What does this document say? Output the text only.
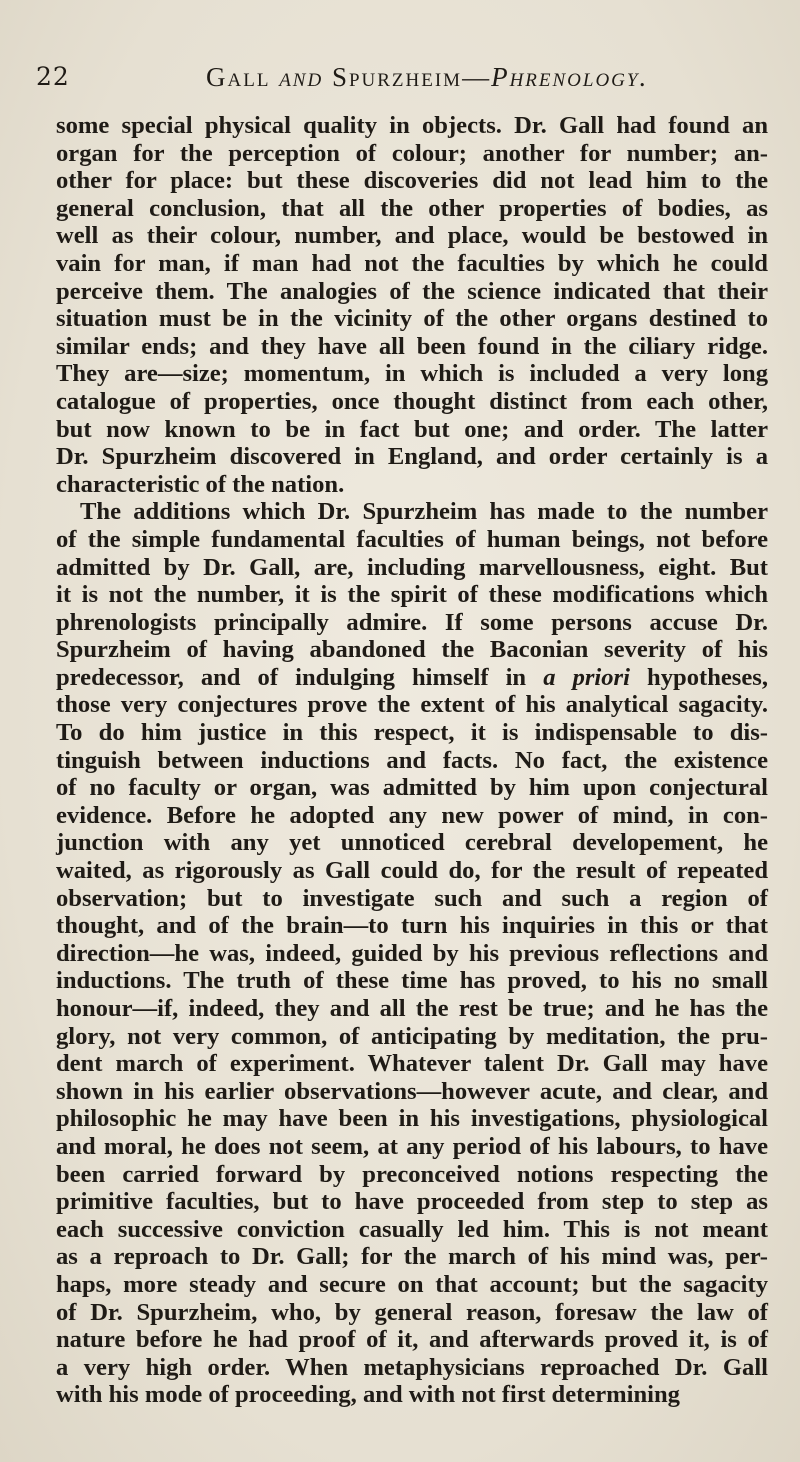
22	Gall and Spurzheim—Phrenology.
some special physical quality in objects. Dr. Gall had found an
organ for the perception of colour; another for number; an-
other for place: but these discoveries did not lead him to the
general conclusion, that all the other properties of bodies, as
well as their colour, number, and place, would be bestowed in
vain for man, if man had not the faculties by which he could
perceive them. The analogies of the science indicated that their
situation must be in the vicinity of the other organs destined to
similar ends; and they have all been found in the ciliary ridge.
They are—size; momentum, in which is included a very long
catalogue of properties, once thought distinct from each other,
but now known to be in fact but one; and order. The latter
Dr. Spurzheim discovered in England, and order certainly is a
characteristic of the nation.
The additions which Dr. Spurzheim has made to the number
of the simple fundamental faculties of human beings, not before
admitted by Dr. Gall, are, including marvellousness, eight. But
it is not the number, it is the spirit of these modifications which
phrenologists principally admire. If some persons accuse Dr.
Spurzheim of having abandoned the Baconian severity of his
predecessor, and of indulging himself in a priori hypotheses,
those very conjectures prove the extent of his analytical sagacity.
To do him justice in this respect, it is indispensable to dis-
tinguish between inductions and facts. No fact, the existence
of no faculty or organ, was admitted by him upon conjectural
evidence. Before he adopted any new power of mind, in con-
junction with any yet unnoticed cerebral developement, he
waited, as rigorously as Gall could do, for the result of repeated
observation; but to investigate such and such a region of
thought, and of the brain—to turn his inquiries in this or that
direction—he was, indeed, guided by his previous reflections and
inductions. The truth of these time has proved, to his no small
honour—if, indeed, they and all the rest be true; and he has the
glory, not very common, of anticipating by meditation, the pru-
dent march of experiment. Whatever talent Dr. Gall may have
shown in his earlier observations—however acute, and clear, and
philosophic he may have been in his investigations, physiological
and moral, he does not seem, at any period of his labours, to have
been carried forward by preconceived notions respecting the
primitive faculties, but to have proceeded from step to step as
each successive conviction casually led him. This is not meant
as a reproach to Dr. Gall; for the march of his mind was, per-
haps, more steady and secure on that account; but the sagacity
of Dr. Spurzheim, who, by general reason, foresaw the law of
nature before he had proof of it, and afterwards proved it, is of
a very high order. When metaphysicians reproached Dr. Gall
with his mode of proceeding, and with not first determining
